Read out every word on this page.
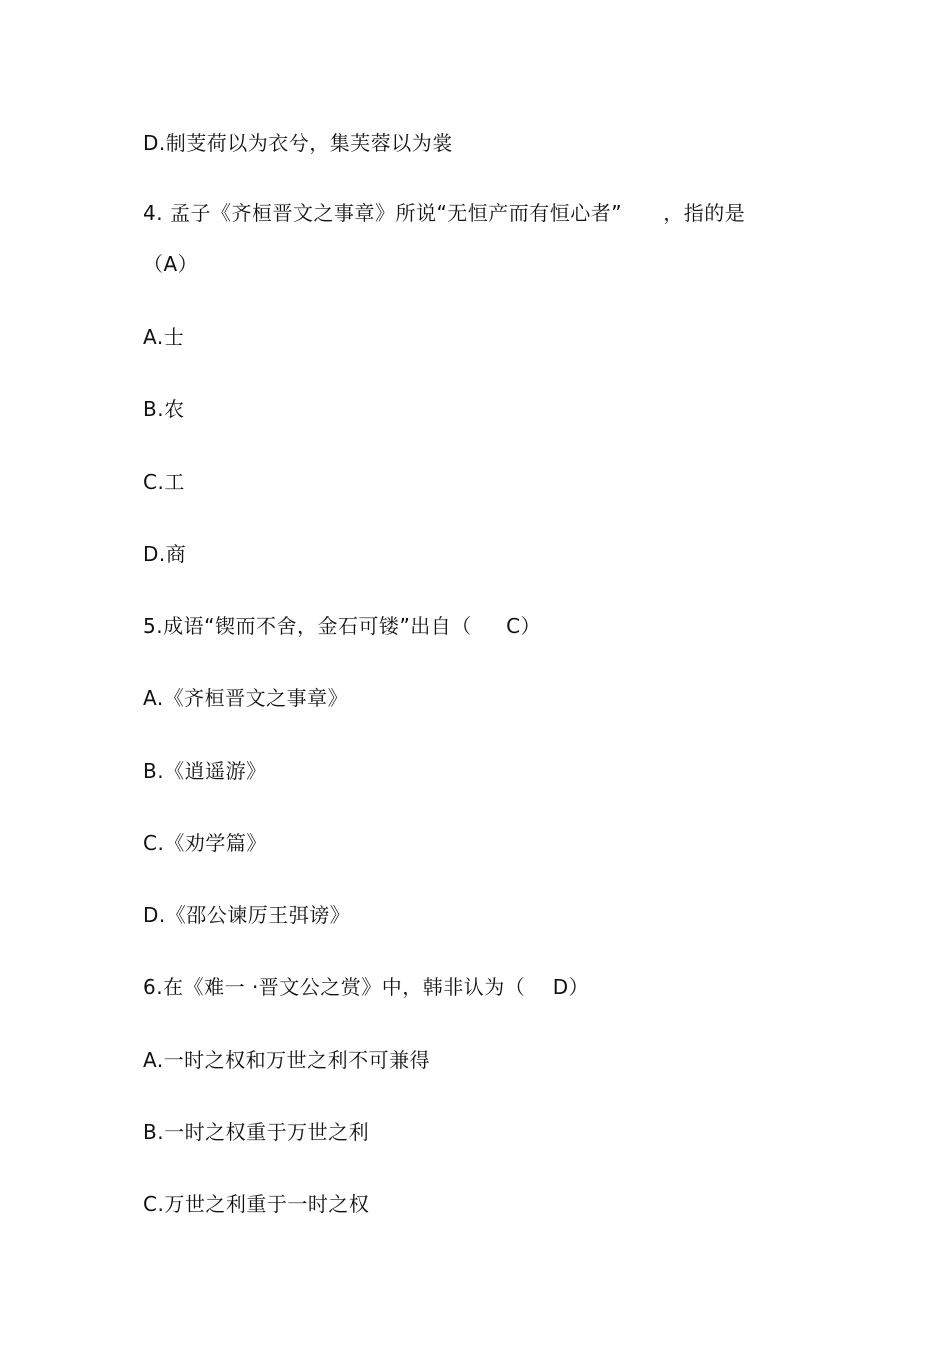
D.制芰荷以为衣兮，集芙蓉以为裳
4. 孟子《齐桓晋文之事章》所说“无恒产而有恒心者”      ，指的是
（A）
A.士
B.农
C.工
D.商
5.成语“锲而不舍，金石可镂”出自（     C）
A.《齐桓晋文之事章》
B.《逍遥游》
C.《劝学篇》
D.《邵公谏厉王弭谤》
6.在《难一 ·晋文公之赏》中，韩非认为（    D）
A.一时之权和万世之利不可兼得
B.一时之权重于万世之利
C.万世之利重于一时之权
